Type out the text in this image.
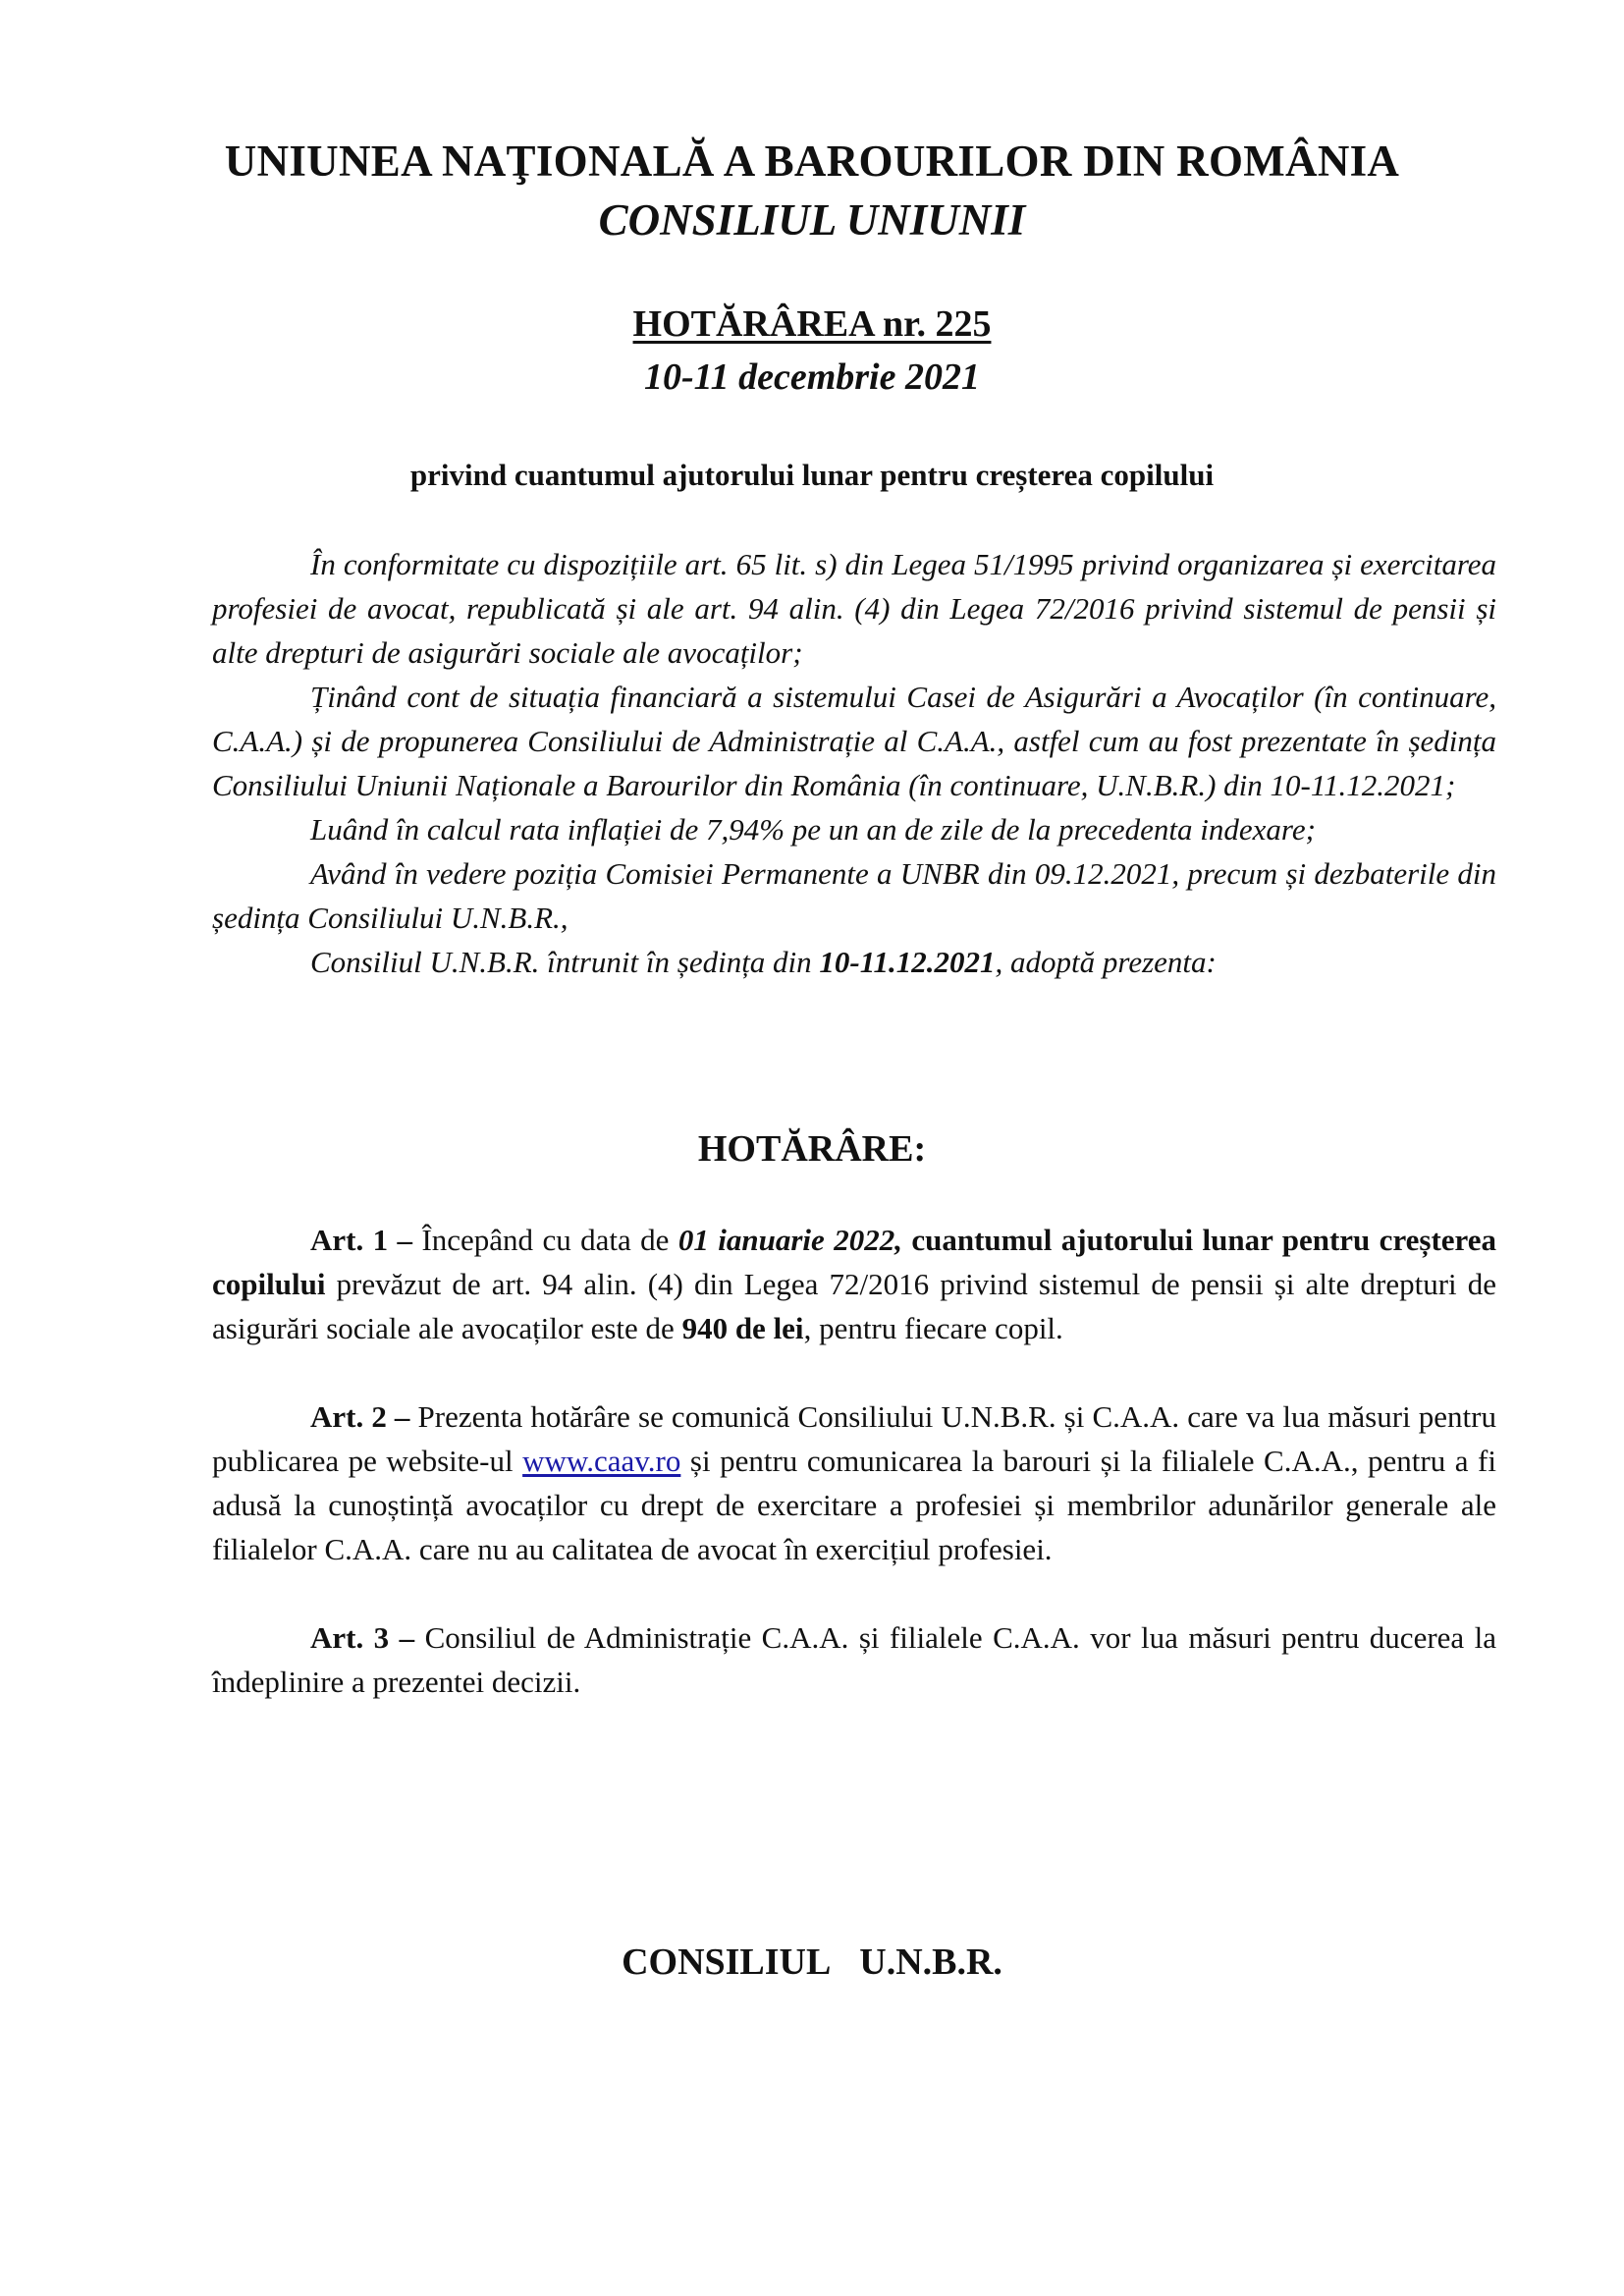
UNIUNEA NAŢIONALĂ A BAROURILOR DIN ROMÂNIA
CONSILIUL UNIUNII
HOTĂRÂREA nr. 225
10-11 decembrie 2021
privind cuantumul ajutorului lunar pentru creșterea copilului

În conformitate cu dispozițiile art. 65 lit. s) din Legea 51/1995 privind organizarea și exercitarea profesiei de avocat, republicată și ale art. 94 alin. (4) din Legea 72/2016 privind sistemul de pensii și alte drepturi de asigurări sociale ale avocaților;

Ținând cont de situația financiară a sistemului Casei de Asigurări a Avocaților (în continuare, C.A.A.) și de propunerea Consiliului de Administrație al C.A.A., astfel cum au fost prezentate în ședința Consiliului Uniunii Naționale a Barourilor din România (în continuare, U.N.B.R.) din 10-11.12.2021;

Luând în calcul rata inflației de 7,94% pe un an de zile de la precedenta indexare;

Având în vedere poziția Comisiei Permanente a UNBR din 09.12.2021, precum și dezbaterile din ședința Consiliului U.N.B.R.,

Consiliul U.N.B.R. întrunit în ședința din 10-11.12.2021, adoptă prezenta:

HOTĂRÂRE:

Art. 1 – Începând cu data de 01 ianuarie 2022, cuantumul ajutorului lunar pentru creșterea copilului prevăzut de art. 94 alin. (4) din Legea 72/2016 privind sistemul de pensii și alte drepturi de asigurări sociale ale avocaților este de 940 de lei, pentru fiecare copil.

Art. 2 – Prezenta hotărâre se comunică Consiliului U.N.B.R. și C.A.A. care va lua măsuri pentru publicarea pe website-ul www.caav.ro și pentru comunicarea la barouri și la filialele C.A.A., pentru a fi adusă la cunoștință avocaților cu drept de exercitare a profesiei și membrilor adunărilor generale ale filialelor C.A.A. care nu au calitatea de avocat în exercițiul profesiei.

Art. 3 – Consiliul de Administrație C.A.A. și filialele C.A.A. vor lua măsuri pentru ducerea la îndeplinire a prezentei decizii.

CONSILIUL  U.N.B.R.
